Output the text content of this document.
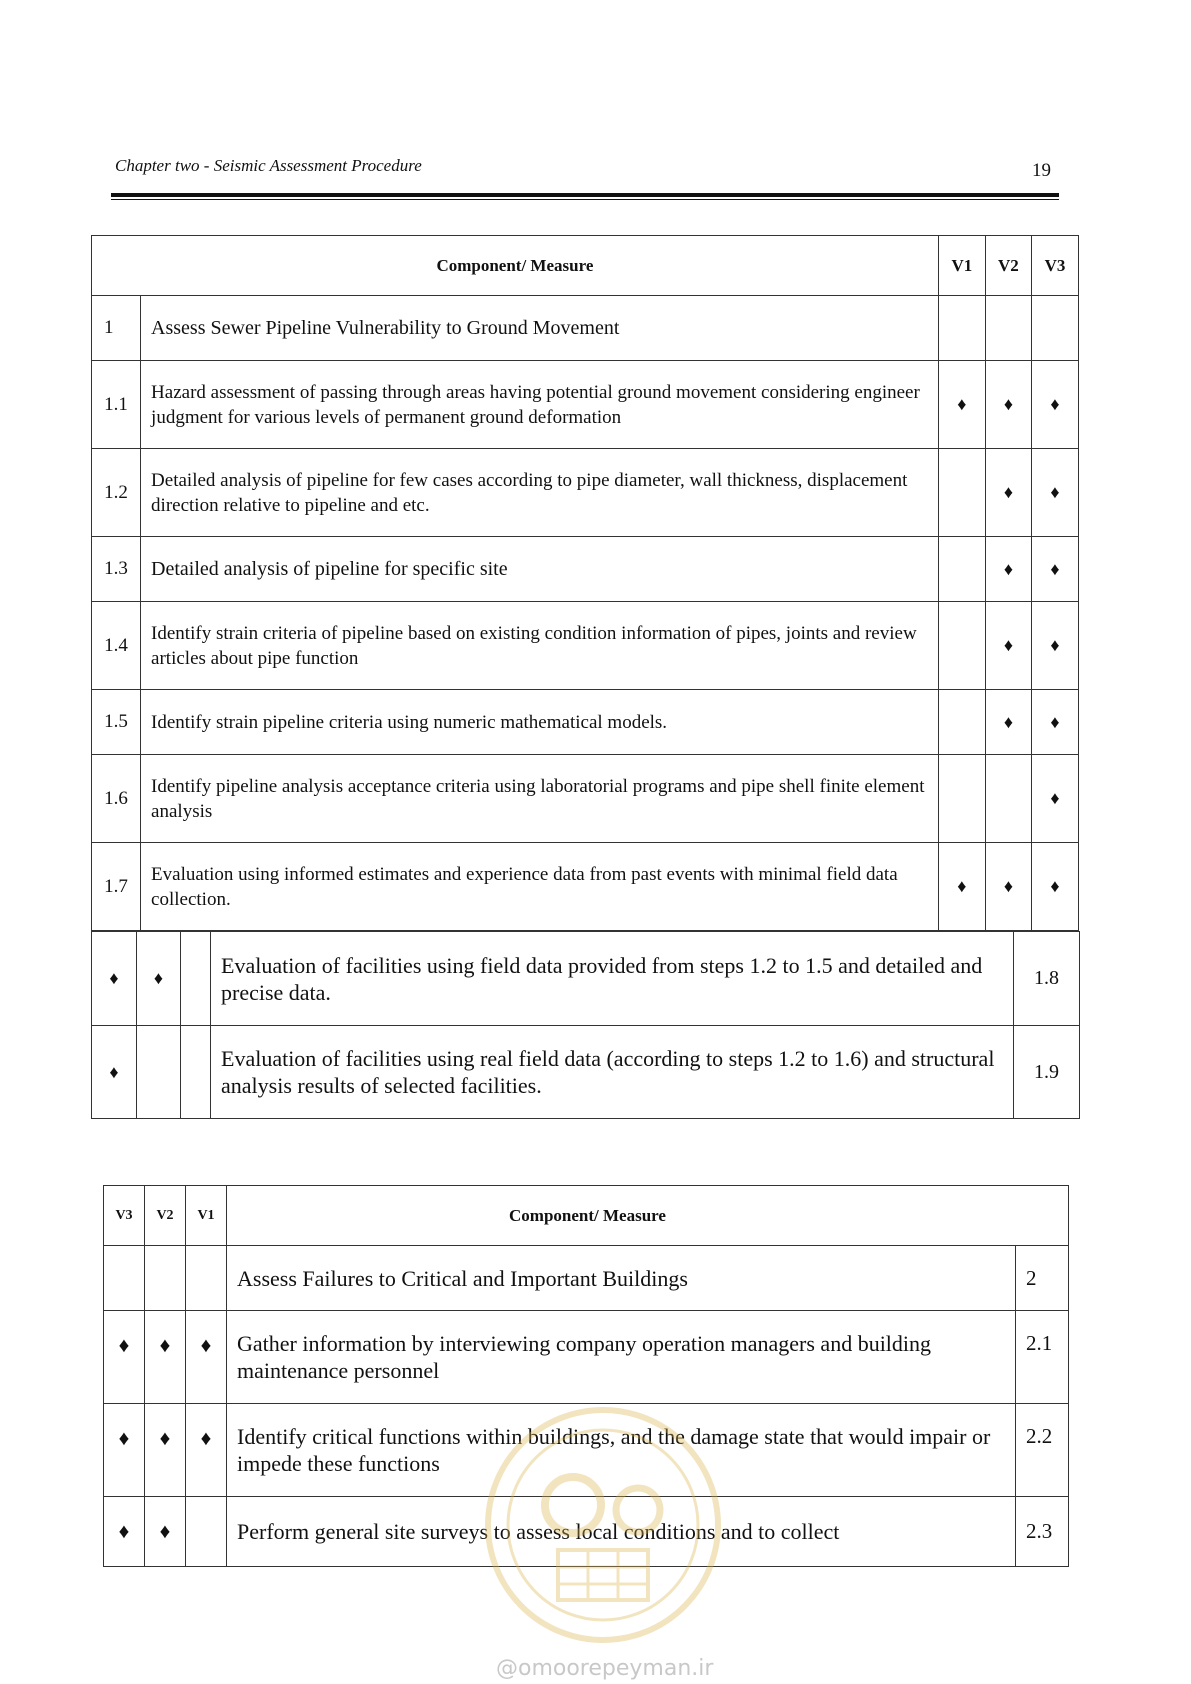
Chapter two - Seismic Assessment Procedure	19
Component/ Measure		V1	V2	V3
1	Assess Sewer Pipeline Vulnerability to Ground Movement			
1.1	Hazard assessment of passing through areas having potential ground movement considering engineer judgment for various levels of permanent ground deformation	♦	♦	♦
1.2	Detailed analysis of pipeline for few cases according to pipe diameter, wall thickness, displacement direction relative to pipeline and etc.		♦	♦
1.3	Detailed analysis of pipeline for specific site		♦	♦
1.4	Identify strain criteria of pipeline based on existing condition information of pipes, joints and review articles about pipe function		♦	♦
1.5	Identify strain pipeline criteria using numeric mathematical models.		♦	♦
1.6	Identify pipeline analysis acceptance criteria using laboratorial programs and pipe shell finite element analysis			♦
1.7	Evaluation using informed estimates and experience data from past events with minimal field data collection.	♦	♦	♦
♦	♦		Evaluation of facilities using field data provided from steps 1.2 to 1.5 and detailed and precise data.	1.8
♦			Evaluation of facilities using real field data (according to steps 1.2 to 1.6) and structural analysis results of selected facilities.	1.9
V3	V2	V1	Component/ Measure	
			Assess Failures to Critical and Important Buildings	2
♦	♦	♦	Gather information by interviewing company operation managers and building maintenance personnel	2.1
♦	♦	♦	Identify critical functions within buildings, and the damage state that would impair or impede these functions	2.2
♦	♦		Perform general site surveys to assess local conditions and to collect	2.3
@omoorepeyman.ir
